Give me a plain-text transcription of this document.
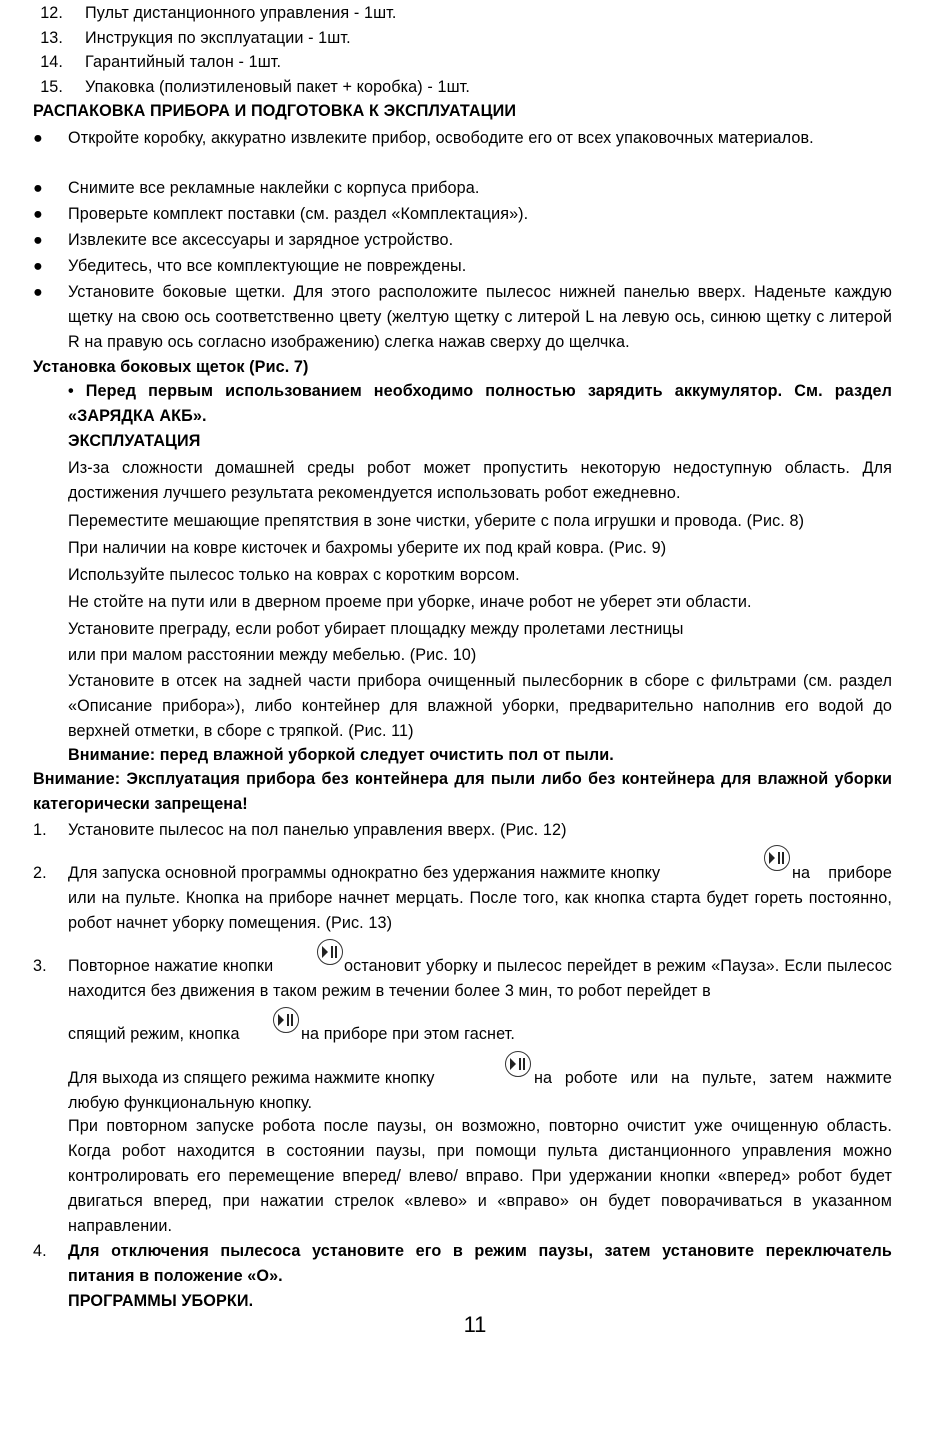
12. Пульт дистанционного управления - 1шт.
13. Инструкция по эксплуатации - 1шт.
14. Гарантийный талон - 1шт.
15. Упаковка (полиэтиленовый пакет + коробка) - 1шт.
РАСПАКОВКА ПРИБОРА И ПОДГОТОВКА К ЭКСПЛУАТАЦИИ
● Откройте коробку, аккуратно извлеките прибор, освободите его от всех упаковочных материалов.
● Снимите все рекламные наклейки с корпуса прибора.
● Проверьте комплект поставки (см. раздел «Комплектация»).
● Извлеките все аксессуары и зарядное устройство.
● Убедитесь, что все комплектующие не повреждены.
● Установите боковые щетки. Для этого расположите пылесос нижней панелью вверх. Наденьте каждую щетку на свою ось соответственно цвету (желтую щетку с литерой L на левую ось, синюю щетку с литерой R на правую ось согласно изображению) слегка нажав сверху до щелчка.
Установка боковых щеток (Рис. 7)
• Перед первым использованием необходимо полностью зарядить аккумулятор. См. раздел «ЗАРЯДКА АКБ».
ЭКСПЛУАТАЦИЯ
Из-за сложности домашней среды робот может пропустить некоторую недоступную область. Для достижения лучшего результата рекомендуется использовать робот ежедневно.
Переместите мешающие препятствия в зоне чистки, уберите с пола игрушки и провода. (Рис. 8)
При наличии на ковре кисточек и бахромы уберите их под край ковра. (Рис. 9)
Используйте пылесос только на коврах с коротким ворсом.
Не стойте на пути или в дверном проеме при уборке, иначе робот не уберет эти области.
Установите преграду, если робот убирает площадку между пролетами лестницы
или при малом расстоянии между мебелью. (Рис. 10)
Установите в отсек на задней части прибора очищенный пылесборник в сборе с фильтрами (см. раздел «Описание прибора»), либо контейнер для влажной уборки, предварительно наполнив его водой до верхней отметки, в сборе с тряпкой. (Рис. 11)
Внимание: перед влажной уборкой следует очистить пол от пыли.
Внимание: Эксплуатация прибора без контейнера для пыли либо без контейнера для влажной уборки категорически запрещена!
1. Установите пылесос на пол панелью управления вверх. (Рис. 12)
2. Для запуска основной программы однократно без удержания нажмите кнопку	на приборе или на пульте. Кнопка на приборе начнет мерцать. После того, как кнопка старта будет гореть постоянно, робот начнет уборку помещения. (Рис. 13)
3. Повторное нажатие кнопки	остановит уборку и пылесос перейдет в режим «Пауза». Если пылесос находится без движения в таком режим в течении более 3 мин, то робот перейдет в
спящий режим, кнопка	на приборе при этом гаснет.
Для выхода из спящего режима нажмите кнопку	на роботе или на пульте, затем нажмите любую функциональную кнопку.
При повторном запуске робота после паузы, он возможно, повторно очистит уже очищенную область. Когда робот находится в состоянии паузы, при помощи пульта дистанционного управления можно контролировать его перемещение вперед/ влево/ вправо. При удержании кнопки «вперед» робот будет двигаться вперед, при нажатии стрелок «влево» и «вправо» он будет поворачиваться в указанном направлении.
4. Для отключения пылесоса установите его в режим паузы, затем установите переключатель питания в положение «О».
ПРОГРАММЫ УБОРКИ.
11
